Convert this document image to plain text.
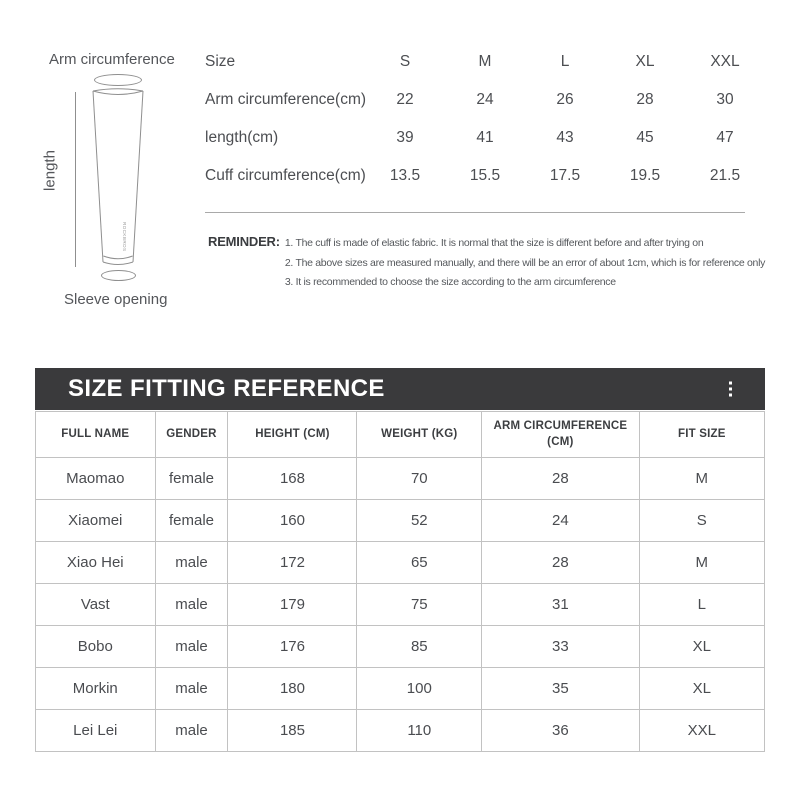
Arm circumference
ROCKBROS
length
Sleeve opening
Size	S	M	L	XL	XXL
Arm circumference(cm)	22	24	26	28	30
length(cm)	39	41	43	45	47
Cuff circumference(cm)	13.5	15.5	17.5	19.5	21.5
REMINDER: 1. The cuff is made of elastic fabric. It is normal that the size is different before and after trying on
2. The above sizes are measured manually, and there will be an error of about 1cm, which is for reference only
3. It is recommended to choose the size according to the arm circumference
SIZE FITTING REFERENCE
FULL NAME	GENDER	HEIGHT (CM)	WEIGHT (KG)	ARM CIRCUMFERENCE (CM)	FIT SIZE
Maomao	female	168	70	28	M
Xiaomei	female	160	52	24	S
Xiao Hei	male	172	65	28	M
Vast	male	179	75	31	L
Bobo	male	176	85	33	XL
Morkin	male	180	100	35	XL
Lei Lei	male	185	110	36	XXL
